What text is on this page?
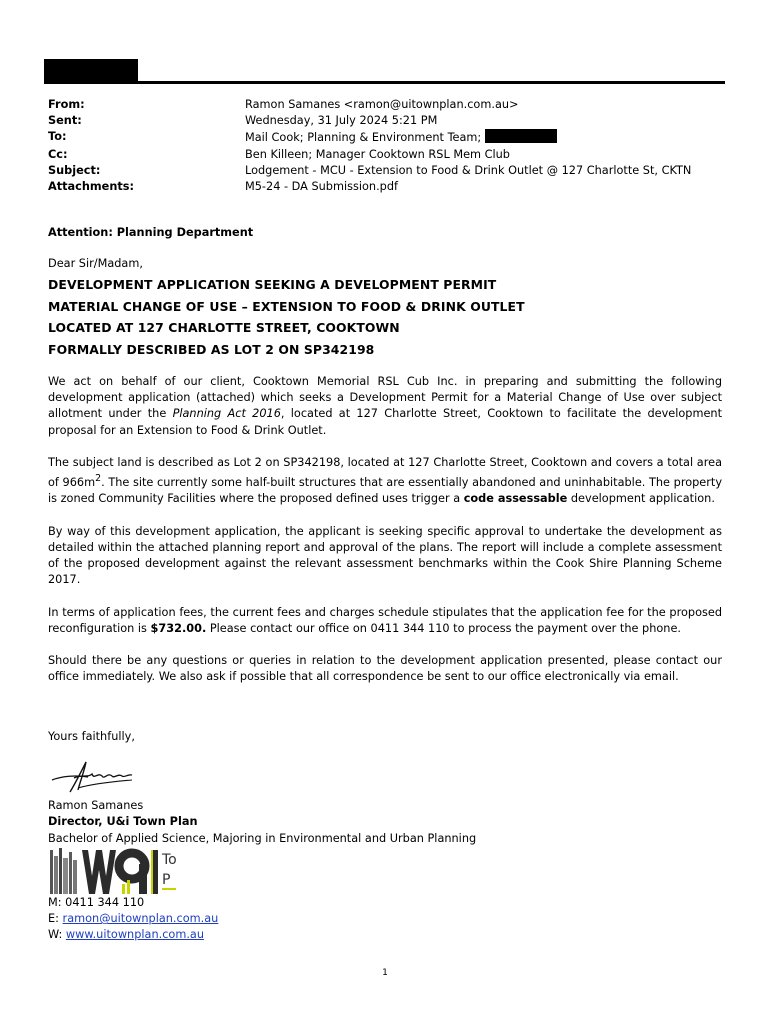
From:	Ramon Samanes <ramon@uitownplan.com.au>
Sent:	Wednesday, 31 July 2024 5:21 PM
To:	Mail Cook; Planning & Environment Team;
Cc:	Ben Killeen; Manager Cooktown RSL Mem Club
Subject:	Lodgement - MCU - Extension to Food & Drink Outlet @ 127 Charlotte St, CKTN
Attachments:	M5-24 - DA Submission.pdf
Attention: Planning Department
Dear Sir/Madam,
DEVELOPMENT APPLICATION SEEKING A DEVELOPMENT PERMIT
MATERIAL CHANGE OF USE – EXTENSION TO FOOD & DRINK OUTLET
LOCATED AT 127 CHARLOTTE STREET, COOKTOWN
FORMALLY DESCRIBED AS LOT 2 ON SP342198

We act on behalf of our client, Cooktown Memorial RSL Cub Inc. in preparing and submitting the following development application (attached) which seeks a Development Permit for a Material Change of Use over subject allotment under the Planning Act 2016, located at 127 Charlotte Street, Cooktown to facilitate the development proposal for an Extension to Food & Drink Outlet.

The subject land is described as Lot 2 on SP342198, located at 127 Charlotte Street, Cooktown and covers a total area of $966m^2$. The site currently some half-built structures that are essentially abandoned and uninhabitable. The property is zoned Community Facilities where the proposed defined uses trigger a code assessable development application.

By way of this development application, the applicant is seeking specific approval to undertake the development as detailed within the attached planning report and approval of the plans. The report will include a complete assessment of the proposed development against the relevant assessment benchmarks within the Cook Shire Planning Scheme 2017.

In terms of application fees, the current fees and charges schedule stipulates that the application fee for the proposed reconfiguration is $732.00. Please contact our office on 0411 344 110 to process the payment over the phone.

Should there be any questions or queries in relation to the development application presented, please contact our office immediately. We also ask if possible that all correspondence be sent to our office electronically via email.

Yours faithfully,
Ramon Samanes
Director, U&i Town Plan
Bachelor of Applied Science, Majoring in Environmental and Urban Planning
To
P
M: 0411 344 110
E: ramon@uitownplan.com.au
W: www.uitownplan.com.au
1
